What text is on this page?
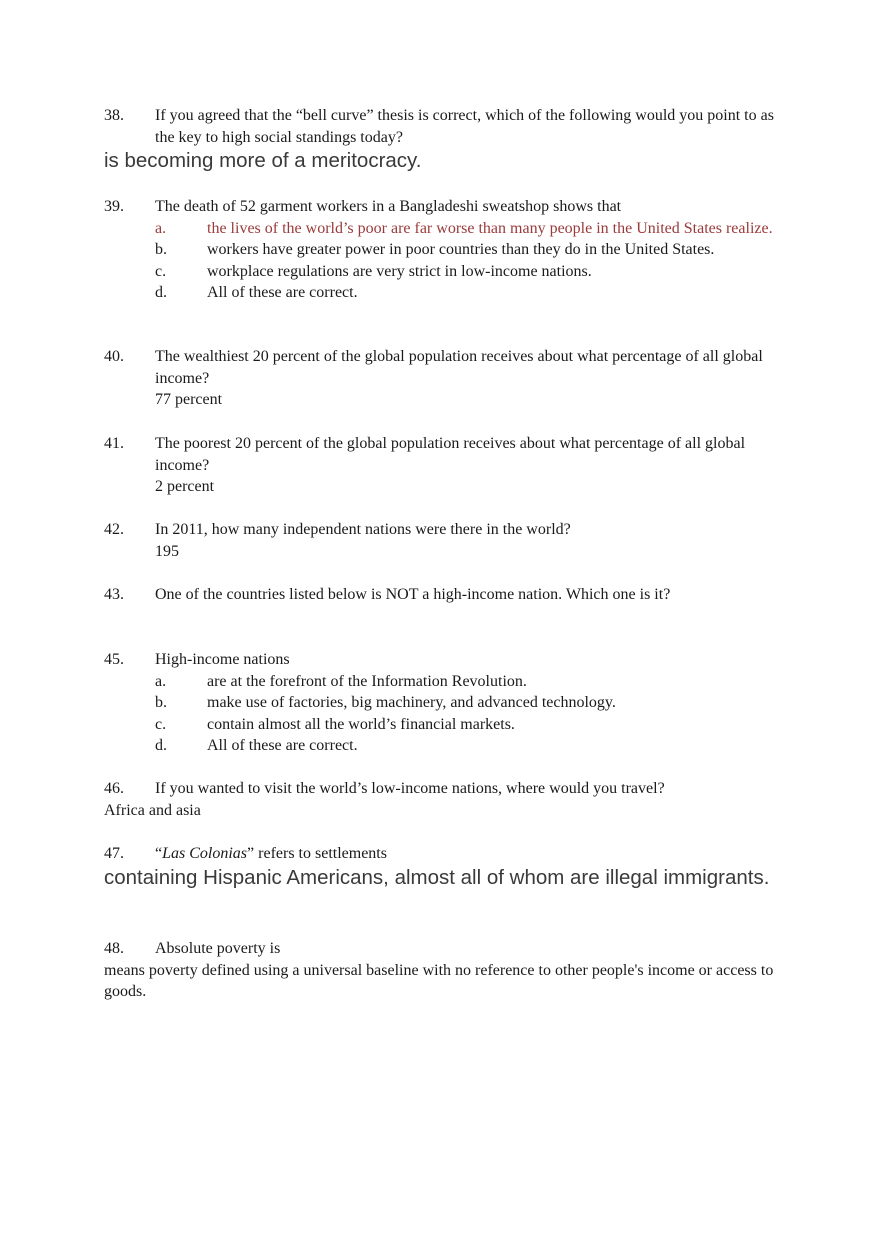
38.	If you agreed that the “bell curve” thesis is correct, which of the following would you point to as the key to high social standings today?
is becoming more of a meritocracy.
39.	The death of 52 garment workers in a Bangladeshi sweatshop shows that
a.	the lives of the world’s poor are far worse than many people in the United States realize.
b.	workers have greater power in poor countries than they do in the United States.
c.	workplace regulations are very strict in low-income nations.
d.	All of these are correct.
40.	The wealthiest 20 percent of the global population receives about what percentage of all global income?
77 percent
41.	The poorest 20 percent of the global population receives about what percentage of all global income?
2 percent
42.	In 2011, how many independent nations were there in the world?
195
43.	One of the countries listed below is NOT a high-income nation. Which one is it?
45.	High-income nations
a.	are at the forefront of the Information Revolution.
b.	make use of factories, big machinery, and advanced technology.
c.	contain almost all the world’s financial markets.
d.	All of these are correct.
46.	If you wanted to visit the world’s low-income nations, where would you travel?
Africa and asia
47.	“Las Colonias” refers to settlements
containing Hispanic Americans, almost all of whom are illegal immigrants.
48.	Absolute poverty is
means poverty defined using a universal baseline with no reference to other people's income or access to goods.
